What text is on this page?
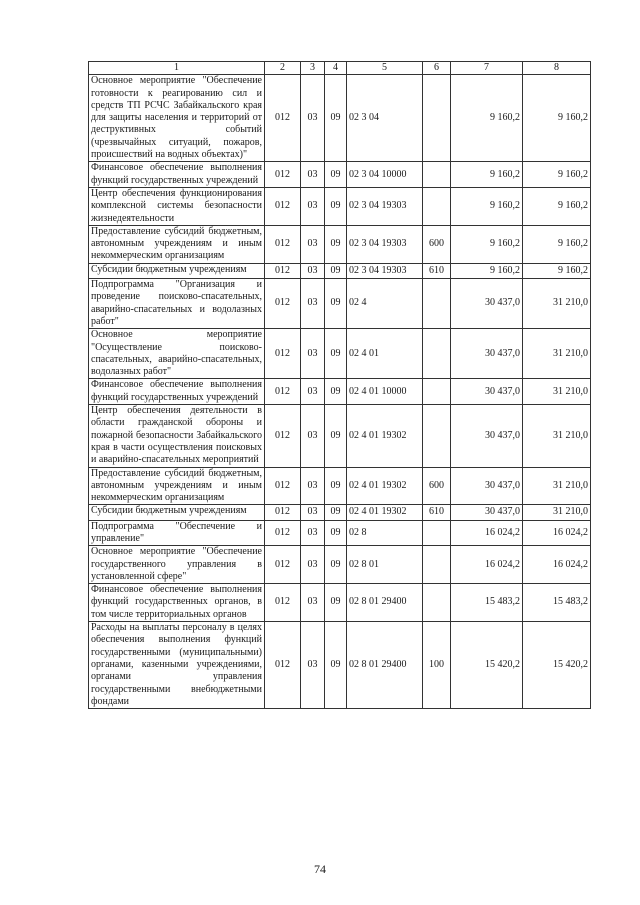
1	2	3	4	5	6	7	8
Основное мероприятие "Обеспечение готовности к реагированию сил и средств ТП РСЧС Забайкальского края для защиты населения и территорий от деструктивных событий (чрезвычайных ситуаций, пожаров, происшествий на водных объектах)"	012	03	09	02 3 04		9 160,2	9 160,2
Финансовое обеспечение выполнения функций государственных учреждений	012	03	09	02 3 04 10000		9 160,2	9 160,2
Центр обеспечения функционирования комплексной системы безопасности жизнедеятельности	012	03	09	02 3 04 19303		9 160,2	9 160,2
Предоставление субсидий бюджетным, автономным учреждениям и иным некоммерческим организациям	012	03	09	02 3 04 19303	600	9 160,2	9 160,2
Субсидии бюджетным учреждениям	012	03	09	02 3 04 19303	610	9 160,2	9 160,2
Подпрограмма "Организация и проведение поисково-спасательных, аварийно-спасательных и водолазных работ"	012	03	09	02 4		30 437,0	31 210,0
Основное мероприятие "Осуществление поисково-спасательных, аварийно-спасательных, водолазных работ"	012	03	09	02 4 01		30 437,0	31 210,0
Финансовое обеспечение выполнения функций государственных учреждений	012	03	09	02 4 01 10000		30 437,0	31 210,0
Центр обеспечения деятельности в области гражданской обороны и пожарной безопасности Забайкальского края в части осуществления поисковых и аварийно-спасательных мероприятий	012	03	09	02 4 01 19302		30 437,0	31 210,0
Предоставление субсидий бюджетным, автономным учреждениям и иным некоммерческим организациям	012	03	09	02 4 01 19302	600	30 437,0	31 210,0
Субсидии бюджетным учреждениям	012	03	09	02 4 01 19302	610	30 437,0	31 210,0
Подпрограмма "Обеспечение и управление"	012	03	09	02 8		16 024,2	16 024,2
Основное мероприятие "Обеспечение государственного управления в установленной сфере"	012	03	09	02 8 01		16 024,2	16 024,2
Финансовое обеспечение выполнения функций государственных органов, в том числе территориальных органов	012	03	09	02 8 01 29400		15 483,2	15 483,2
Расходы на выплаты персоналу в целях обеспечения выполнения функций государственными (муниципальными) органами, казенными учреждениями, органами управления государственными внебюджетными фондами	012	03	09	02 8 01 29400	100	15 420,2	15 420,2
74
